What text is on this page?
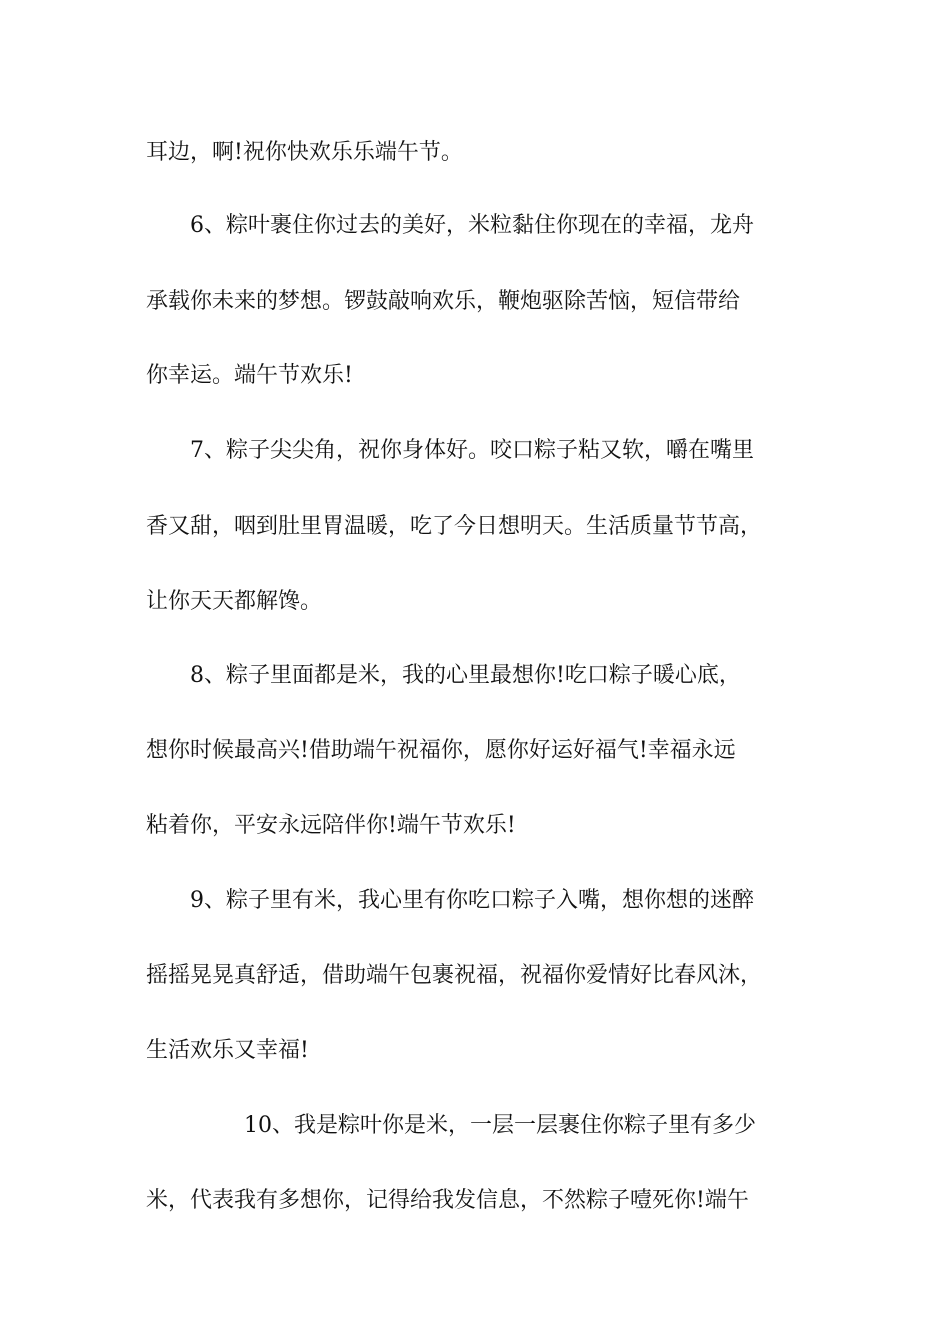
耳边，啊!祝你快欢乐乐端午节。
6、粽叶裹住你过去的美好，米粒黏住你现在的幸福，龙舟
承载你未来的梦想。锣鼓敲响欢乐，鞭炮驱除苦恼，短信带给
你幸运。端午节欢乐!
7、粽子尖尖角，祝你身体好。咬口粽子粘又软，嚼在嘴里
香又甜，咽到肚里胃温暖，吃了今日想明天。生活质量节节高，
让你天天都解馋。
8、粽子里面都是米，我的心里最想你!吃口粽子暖心底，
想你时候最高兴!借助端午祝福你，愿你好运好福气!幸福永远
粘着你，平安永远陪伴你!端午节欢乐!
9、粽子里有米，我心里有你吃口粽子入嘴，想你想的迷醉
摇摇晃晃真舒适，借助端午包裹祝福，祝福你爱情好比春风沐，
生活欢乐又幸福!
10、我是粽叶你是米，一层一层裹住你粽子里有多少
米，代表我有多想你，记得给我发信息，不然粽子噎死你!端午
